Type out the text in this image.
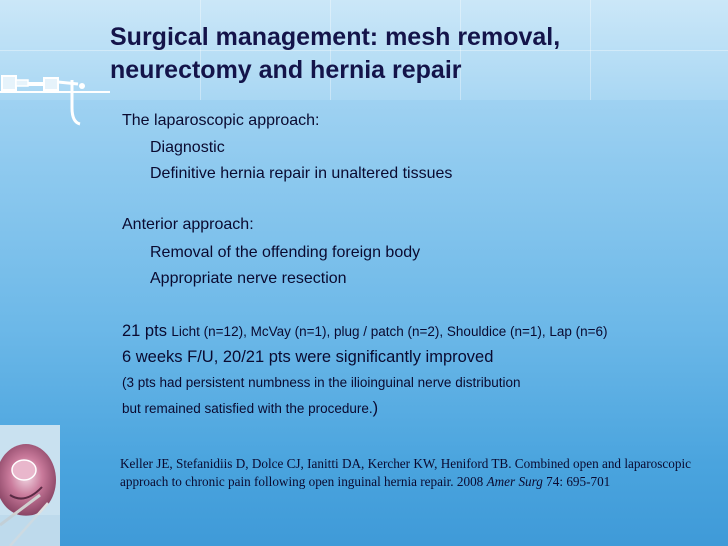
Surgical management: mesh removal,
neurectomy and hernia repair
The laparoscopic approach:
Diagnostic
Definitive hernia repair in unaltered tissues
Anterior approach:
Removal of the offending foreign body
Appropriate nerve resection
21 pts Licht (n=12), McVay (n=1), plug / patch (n=2), Shouldice (n=1), Lap (n=6)
6 weeks F/U, 20/21 pts were significantly improved
(3 pts had persistent numbness in the ilioinguinal nerve distribution
but remained satisfied with the procedure.)
Keller JE, Stefanidiis D, Dolce CJ, Ianitti DA, Kercher KW, Heniford TB. Combined open and laparoscopic approach to chronic pain following open inguinal hernia repair. 2008 Amer Surg 74: 695-701
